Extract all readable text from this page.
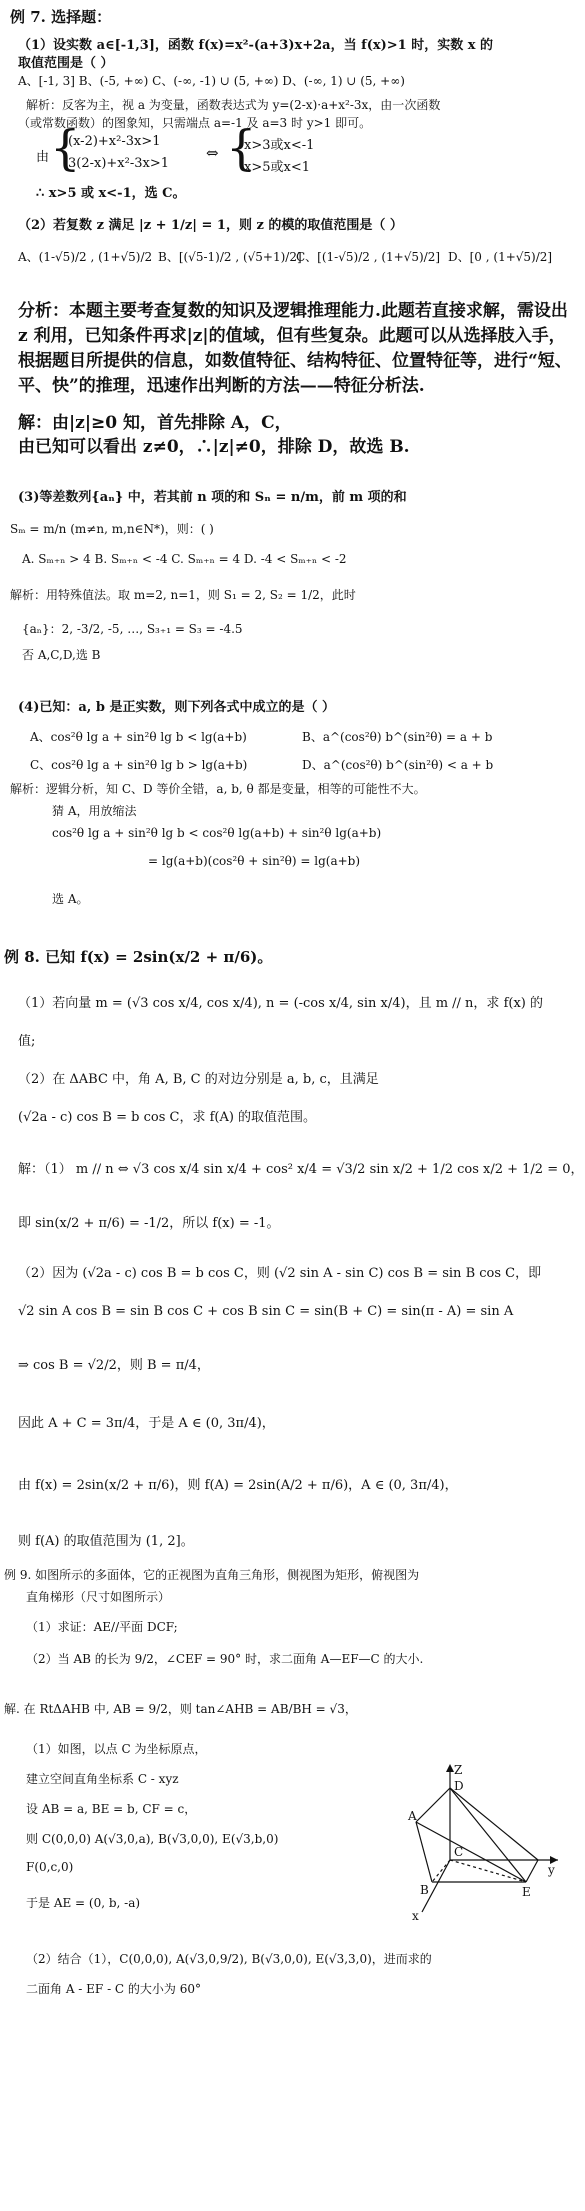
例 7. 选择题：
（1）设实数 a∈[-1,3]，函数 f(x)=x²-(a+3)x+2a，当 f(x)>1 时，实数 x 的
取值范围是（ ）
A、[-1, 3] B、(-5, +∞) C、(-∞, -1) ∪ (5, +∞) D、(-∞, 1) ∪ (5, +∞)
解析：反客为主，视 a 为变量，函数表达式为 y=(2-x)·a+x²-3x，由一次函数
（或常数函数）的图象知，只需端点 a=-1 及 a=3 时 y>1 即可。
由 {
(x-2)+x²-3x>1
3(2-x)+x²-3x>1
⇔ {
x>3或x<-1
x>5或x<1
∴ x>5 或 x<-1，选 C。
（2）若复数 z 满足 |z + 1/z| = 1，则 z 的模的取值范围是（ ）
A、(1-√5)/2 , (1+√5)/2 B、[(√5-1)/2 , (√5+1)/2]
C、[(1-√5)/2 , (1+√5)/2] D、[0 , (1+√5)/2]
分析：本题主要考查复数的知识及逻辑推理能力.此题若直接求解，需设出
z 利用，已知条件再求|z|的值域，但有些复杂。此题可以从选择肢入手，
根据题目所提供的信息，如数值特征、结构特征、位置特征等，进行“短、
平、快”的推理，迅速作出判断的方法——特征分析法.
解：由|z|≥0 知，首先排除 A，C，
由已知可以看出 z≠0，∴|z|≠0，排除 D，故选 B.
(3)等差数列{aₙ} 中，若其前 n 项的和 Sₙ = n/m，前 m 项的和
Sₘ = m/n (m≠n, m,n∈N*)，则：( )
A. Sₘ₊ₙ > 4 B. Sₘ₊ₙ < -4 C. Sₘ₊ₙ = 4 D. -4 < Sₘ₊ₙ < -2
解析：用特殊值法。取 m=2, n=1，则 S₁ = 2, S₂ = 1/2，此时
{aₙ}：2, -3/2, -5, …, S₃₊₁ = S₃ = -4.5
否 A,C,D,选 B
(4)已知：a, b 是正实数，则下列各式中成立的是（ ）
A、cos²θ lg a + sin²θ lg b < lg(a+b)	B、a^(cos²θ) b^(sin²θ) = a + b
C、cos²θ lg a + sin²θ lg b > lg(a+b)	D、a^(cos²θ) b^(sin²θ) < a + b
解析：逻辑分析，知 C、D 等价全错，a, b, θ 都是变量，相等的可能性不大。
猜 A，用放缩法
cos²θ lg a + sin²θ lg b < cos²θ lg(a+b) + sin²θ lg(a+b)
= lg(a+b)(cos²θ + sin²θ) = lg(a+b)
选 A。
例 8. 已知 f(x) = 2sin(x/2 + π/6)。
（1）若向量 m = (√3 cos x/4, cos x/4), n = (-cos x/4, sin x/4)，且 m // n，求 f(x) 的
值;
（2）在 ΔABC 中，角 A, B, C 的对边分别是 a, b, c，且满足
(√2a - c) cos B = b cos C，求 f(A) 的取值范围。
解：（1） m // n ⇔ √3 cos x/4 sin x/4 + cos² x/4 = √3/2 sin x/2 + 1/2 cos x/2 + 1/2 = 0，
即 sin(x/2 + π/6) = -1/2，所以 f(x) = -1。
（2）因为 (√2a - c) cos B = b cos C，则 (√2 sin A - sin C) cos B = sin B cos C，即
√2 sin A cos B = sin B cos C + cos B sin C = sin(B + C) = sin(π - A) = sin A
⇒ cos B = √2/2，则 B = π/4，
因此 A + C = 3π/4，于是 A ∈ (0, 3π/4)，
由 f(x) = 2sin(x/2 + π/6)，则 f(A) = 2sin(A/2 + π/6)，A ∈ (0, 3π/4)，
则 f(A) 的取值范围为 (1, 2]。
例 9. 如图所示的多面体，它的正视图为直角三角形，侧视图为矩形，俯视图为
直角梯形（尺寸如图所示）
（1）求证：AE//平面 DCF;
（2）当 AB 的长为 9/2，∠CEF = 90° 时，求二面角 A—EF—C 的大小.
解. 在 RtΔAHB 中, AB = 9/2，则 tan∠AHB = AB/BH = √3，
（1）如图，以点 C 为坐标原点，
建立空间直角坐标系 C - xyz
设 AB = a, BE = b, CF = c，
则 C(0,0,0) A(√3,0,a), B(√3,0,0), E(√3,b,0)
F(0,c,0)
于是 AE = (0, b, -a)
（2）结合（1），C(0,0,0), A(√3,0,9/2), B(√3,0,0), E(√3,3,0)，进而求的
二面角 A - EF - C 的大小为 60°
Z
D
A
C
B	E
x
y
